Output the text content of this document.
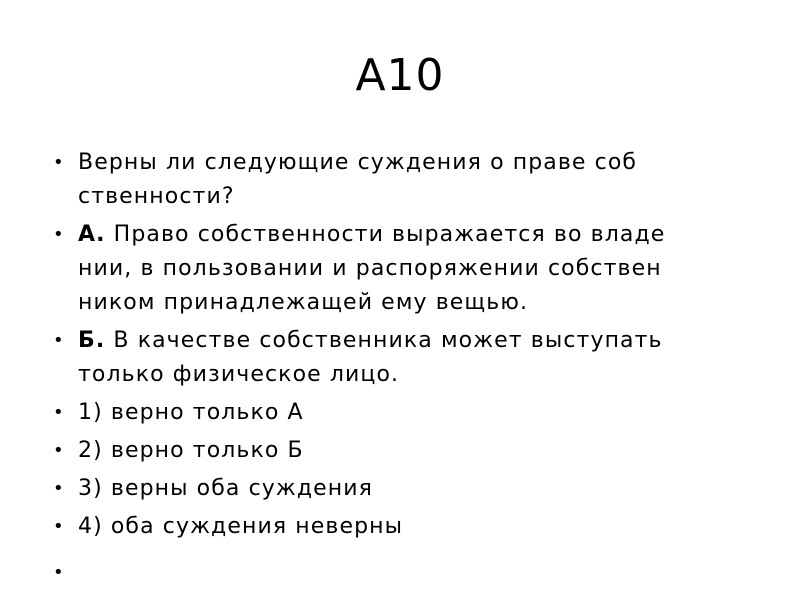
А10
• Верны ли следующие суждения о праве соб
ственности?
• А. Право собственности выражается во владе
нии, в пользовании и распоряжении собствен
ником принадлежащей ему вещью.
• Б. В качестве собственника может выступать
только физическое лицо.
• 1) верно только А
• 2) верно только Б
• 3) верны оба суждения
• 4) оба суждения неверны
•
